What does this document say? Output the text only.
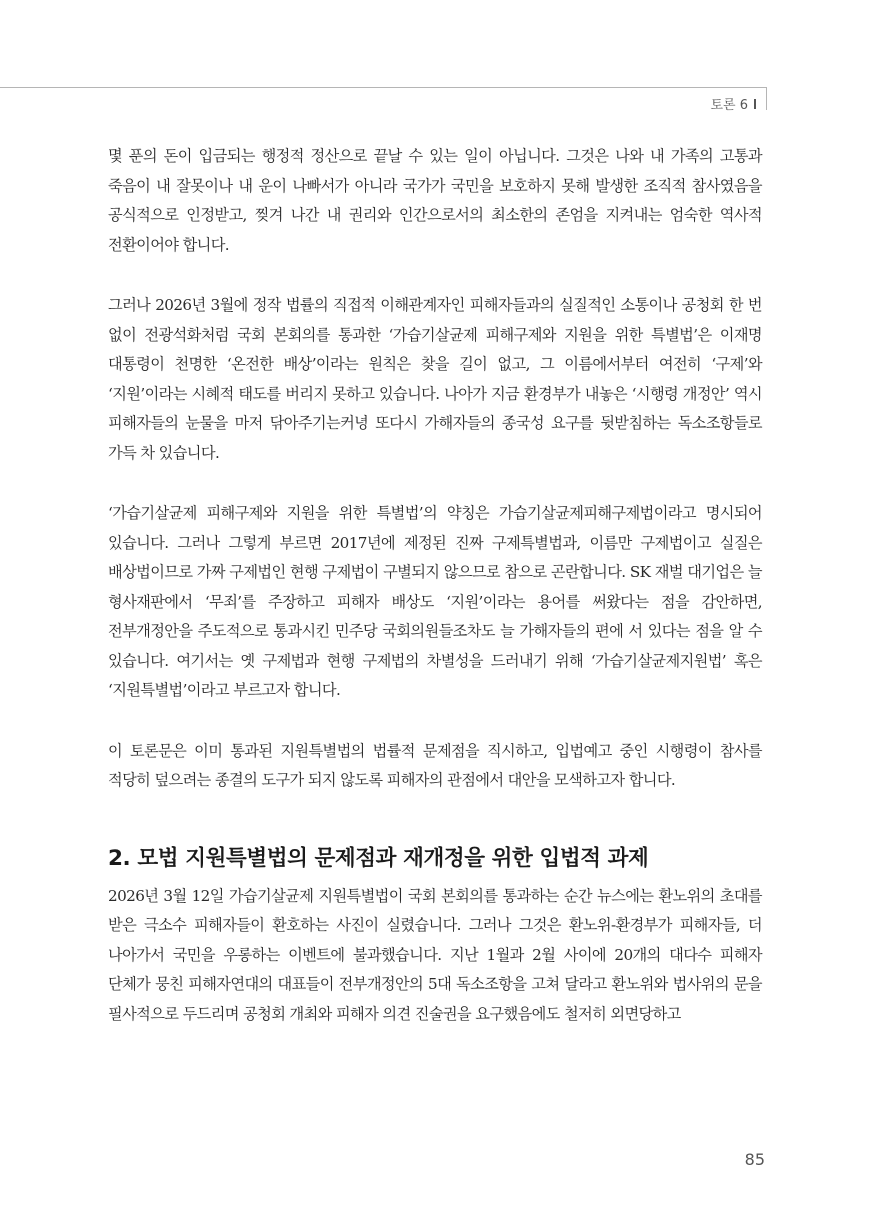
토론 6

몇 푼의 돈이 입금되는 행정적 정산으로 끝날 수 있는 일이 아닙니다. 그것은 나와 내 가족의 고통과 죽음이 내 잘못이나 내 운이 나빠서가 아니라 국가가 국민을 보호하지 못해 발생한 조직적 참사였음을 공식적으로 인정받고, 찢겨 나간 내 권리와 인간으로서의 최소한의 존엄을 지켜내는 엄숙한 역사적 전환이어야 합니다.

그러나 2026년 3월에 정작 법률의 직접적 이해관계자인 피해자들과의 실질적인 소통이나 공청회 한 번 없이 전광석화처럼 국회 본회의를 통과한 ‘가습기살균제 피해구제와 지원을 위한 특별법’은 이재명 대통령이 천명한 ‘온전한 배상’이라는 원칙은 찾을 길이 없고, 그 이름에서부터 여전히 ‘구제’와 ‘지원’이라는 시혜적 태도를 버리지 못하고 있습니다. 나아가 지금 환경부가 내놓은 ‘시행령 개정안’ 역시 피해자들의 눈물을 마저 닦아주기는커녕 또다시 가해자들의 종국성 요구를 뒷받침하는 독소조항들로 가득 차 있습니다.

‘가습기살균제 피해구제와 지원을 위한 특별법’의 약칭은 가습기살균제피해구제법이라고 명시되어 있습니다. 그러나 그렇게 부르면 2017년에 제정된 진짜 구제특별법과, 이름만 구제법이고 실질은 배상법이므로 가짜 구제법인 현행 구제법이 구별되지 않으므로 참으로 곤란합니다. SK 재벌 대기업은 늘 형사재판에서 ‘무죄’를 주장하고 피해자 배상도 ‘지원’이라는 용어를 써왔다는 점을 감안하면, 전부개정안을 주도적으로 통과시킨 민주당 국회의원들조차도 늘 가해자들의 편에 서 있다는 점을 알 수 있습니다. 여기서는 옛 구제법과 현행 구제법의 차별성을 드러내기 위해 ‘가습기살균제지원법’ 혹은 ‘지원특별법’이라고 부르고자 합니다.

이 토론문은 이미 통과된 지원특별법의 법률적 문제점을 직시하고, 입법예고 중인 시행령이 참사를 적당히 덮으려는 종결의 도구가 되지 않도록 피해자의 관점에서 대안을 모색하고자 합니다.

2. 모법 지원특별법의 문제점과 재개정을 위한 입법적 과제

2026년 3월 12일 가습기살균제 지원특별법이 국회 본회의를 통과하는 순간 뉴스에는 환노위의 초대를 받은 극소수 피해자들이 환호하는 사진이 실렸습니다. 그러나 그것은 환노위-환경부가 피해자들, 더 나아가서 국민을 우롱하는 이벤트에 불과했습니다. 지난 1월과 2월 사이에 20개의 대다수 피해자 단체가 뭉친 피해자연대의 대표들이 전부개정안의 5대 독소조항을 고쳐 달라고 환노위와 법사위의 문을 필사적으로 두드리며 공청회 개최와 피해자 의견 진술권을 요구했음에도 철저히 외면당하고

85
